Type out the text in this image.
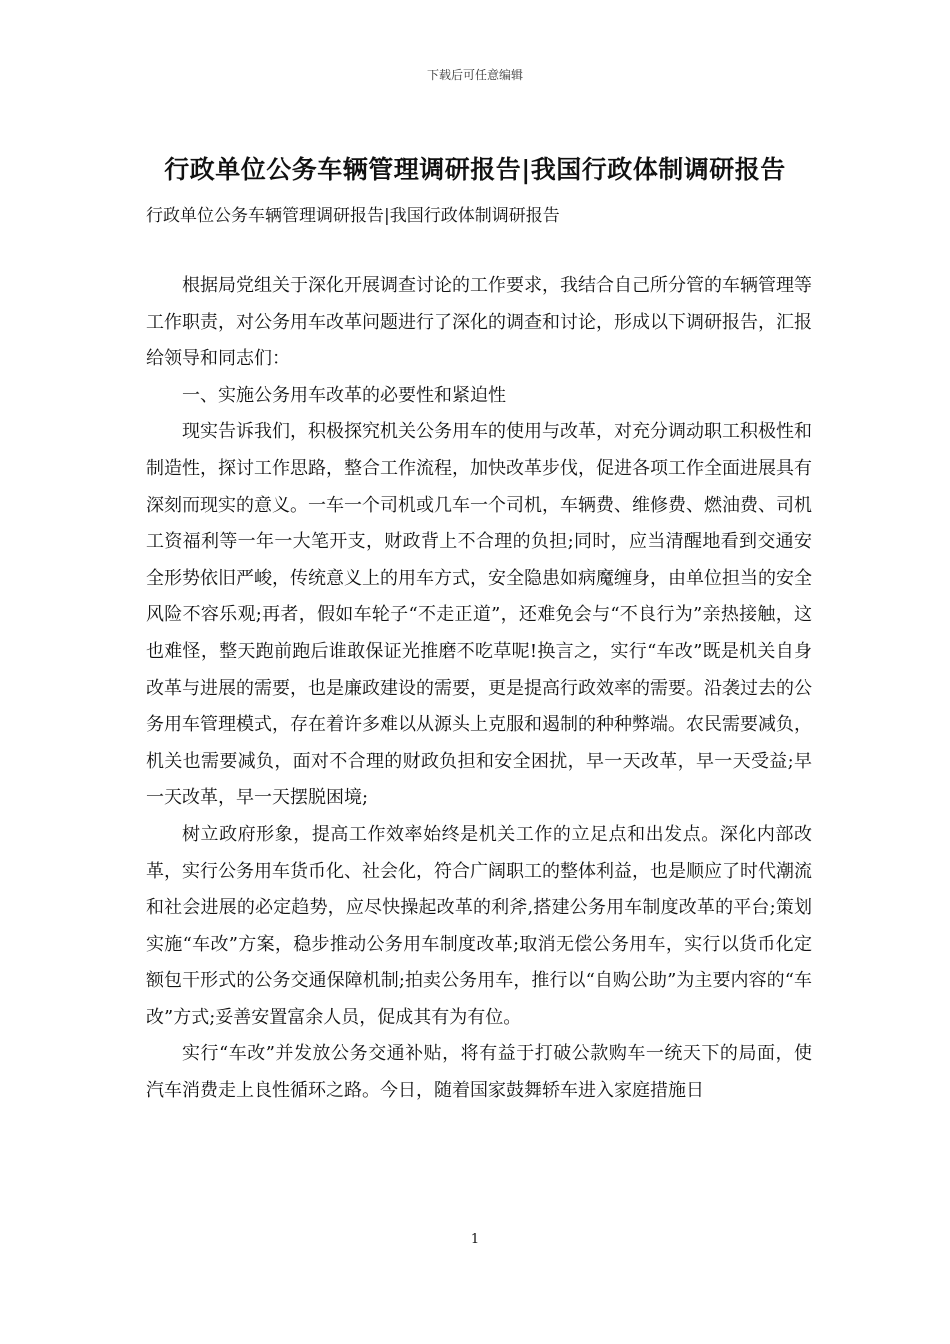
下载后可任意编辑
行政单位公务车辆管理调研报告|我国行政体制调研报告

行政单位公务车辆管理调研报告|我国行政体制调研报告

根据局党组关于深化开展调查讨论的工作要求，我结合自己所分管的车辆管理等工作职责，对公务用车改革问题进行了深化的调查和讨论，形成以下调研报告，汇报给领导和同志们：

一、实施公务用车改革的必要性和紧迫性

现实告诉我们，积极探究机关公务用车的使用与改革，对充分调动职工积极性和制造性，探讨工作思路，整合工作流程，加快改革步伐，促进各项工作全面进展具有深刻而现实的意义。一车一个司机或几车一个司机，车辆费、维修费、燃油费、司机工资福利等一年一大笔开支，财政背上不合理的负担;同时，应当清醒地看到交通安全形势依旧严峻，传统意义上的用车方式，安全隐患如病魔缠身，由单位担当的安全风险不容乐观;再者，假如车轮子“不走正道”，还难免会与“不良行为”亲热接触，这也难怪，整天跑前跑后谁敢保证光推磨不吃草呢!换言之，实行“车改”既是机关自身改革与进展的需要，也是廉政建设的需要，更是提高行政效率的需要。沿袭过去的公务用车管理模式，存在着许多难以从源头上克服和遏制的种种弊端。农民需要减负，机关也需要减负，面对不合理的财政负担和安全困扰，早一天改革，早一天受益;早一天改革，早一天摆脱困境;

树立政府形象，提高工作效率始终是机关工作的立足点和出发点。深化内部改革，实行公务用车货币化、社会化，符合广阔职工的整体利益，也是顺应了时代潮流和社会进展的必定趋势，应尽快操起改革的利斧,搭建公务用车制度改革的平台;策划实施“车改”方案，稳步推动公务用车制度改革;取消无偿公务用车，实行以货币化定额包干形式的公务交通保障机制;拍卖公务用车，推行以“自购公助”为主要内容的“车改”方式;妥善安置富余人员，促成其有为有位。

实行“车改”并发放公务交通补贴，将有益于打破公款购车一统天下的局面，使汽车消费走上良性循环之路。今日，随着国家鼓舞轿车进入家庭措施日

1
